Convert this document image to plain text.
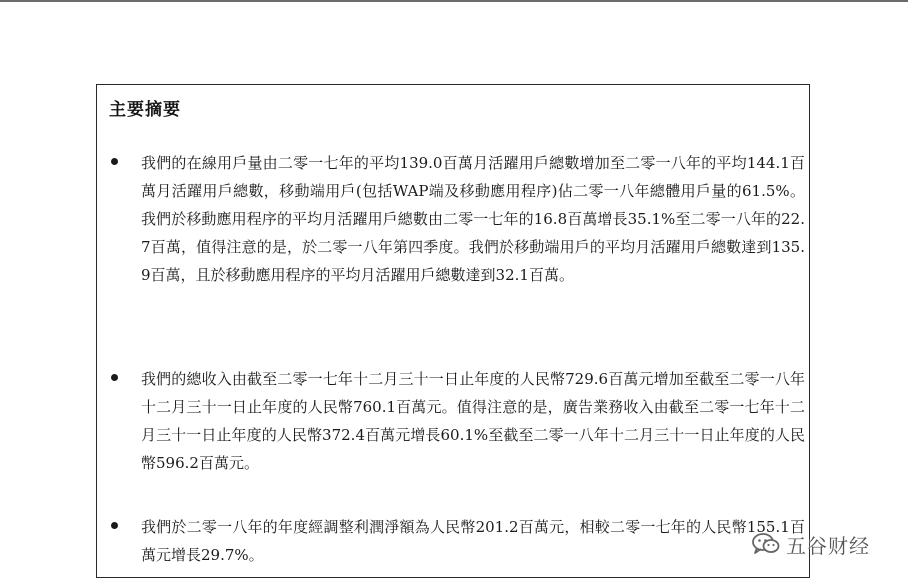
主要摘要

我們的在線用戶量由二零一七年的平均139.0百萬月活躍用戶總數增加至二零一八年的平均144.1百萬月活躍用戶總數，移動端用戶(包括WAP端及移動應用程序)佔二零一八年總體用戶量的61.5%。我們於移動應用程序的平均月活躍用戶總數由二零一七年的16.8百萬增長35.1%至二零一八年的22.7百萬，值得注意的是，於二零一八年第四季度。我們於移動端用戶的平均月活躍用戶總數達到135.9百萬，且於移動應用程序的平均月活躍用戶總數達到32.1百萬。

我們的總收入由截至二零一七年十二月三十一日止年度的人民幣729.6百萬元增加至截至二零一八年十二月三十一日止年度的人民幣760.1百萬元。值得注意的是，廣告業務收入由截至二零一七年十二月三十一日止年度的人民幣372.4百萬元增長60.1%至截至二零一八年十二月三十一日止年度的人民幣596.2百萬元。

我們於二零一八年的年度經調整利潤淨額為人民幣201.2百萬元，相較二零一七年的人民幣155.1百萬元增長29.7%。	五谷财经
